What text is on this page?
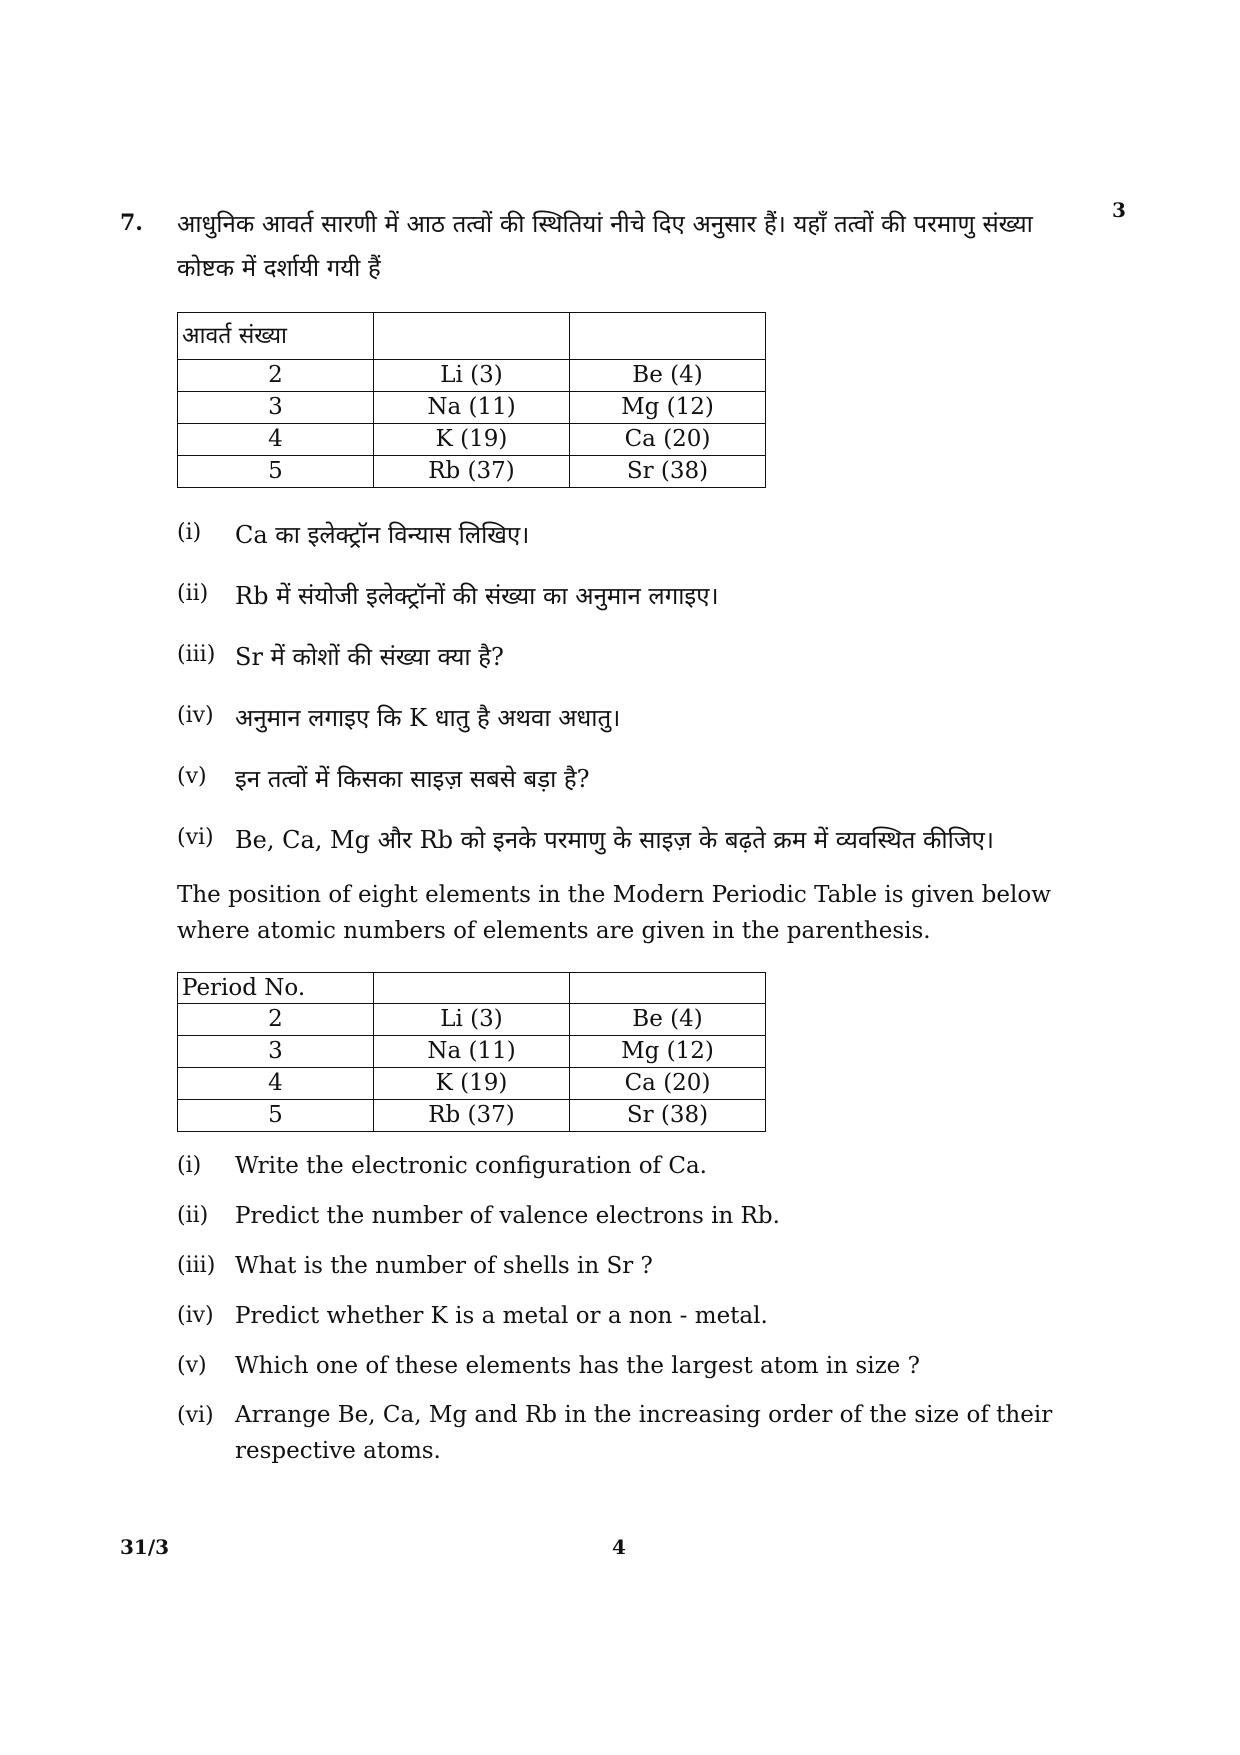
7.	3
आधुनिक आवर्त सारणी में आठ तत्वों की स्थितियां नीचे दिए अनुसार हैं। यहाँ तत्वों की परमाणु संख्या कोष्टक में दर्शायी गयी हैं
आवर्त संख्या		
2	Li (3)	Be (4)
3	Na (11)	Mg (12)
4	K (19)	Ca (20)
5	Rb (37)	Sr (38)
(i) Ca का इलेक्ट्रॉन विन्यास लिखिए।
(ii) Rb में संयोजी इलेक्ट्रॉनों की संख्या का अनुमान लगाइए।
(iii) Sr में कोशों की संख्या क्या है?
(iv) अनुमान लगाइए कि K धातु है अथवा अधातु।
(v) इन तत्वों में किसका साइज़ सबसे बड़ा है?
(vi) Be, Ca, Mg और Rb को इनके परमाणु के साइज़ के बढ़ते क्रम में व्यवस्थित कीजिए।
The position of eight elements in the Modern Periodic Table is given below where atomic numbers of elements are given in the parenthesis.
Period No.		
2	Li (3)	Be (4)
3	Na (11)	Mg (12)
4	K (19)	Ca (20)
5	Rb (37)	Sr (38)
(i) Write the electronic configuration of Ca.
(ii) Predict the number of valence electrons in Rb.
(iii) What is the number of shells in Sr ?
(iv) Predict whether K is a metal or a non - metal.
(v) Which one of these elements has the largest atom in size ?
(vi) Arrange Be, Ca, Mg and Rb in the increasing order of the size of their respective atoms.
31/3	4
